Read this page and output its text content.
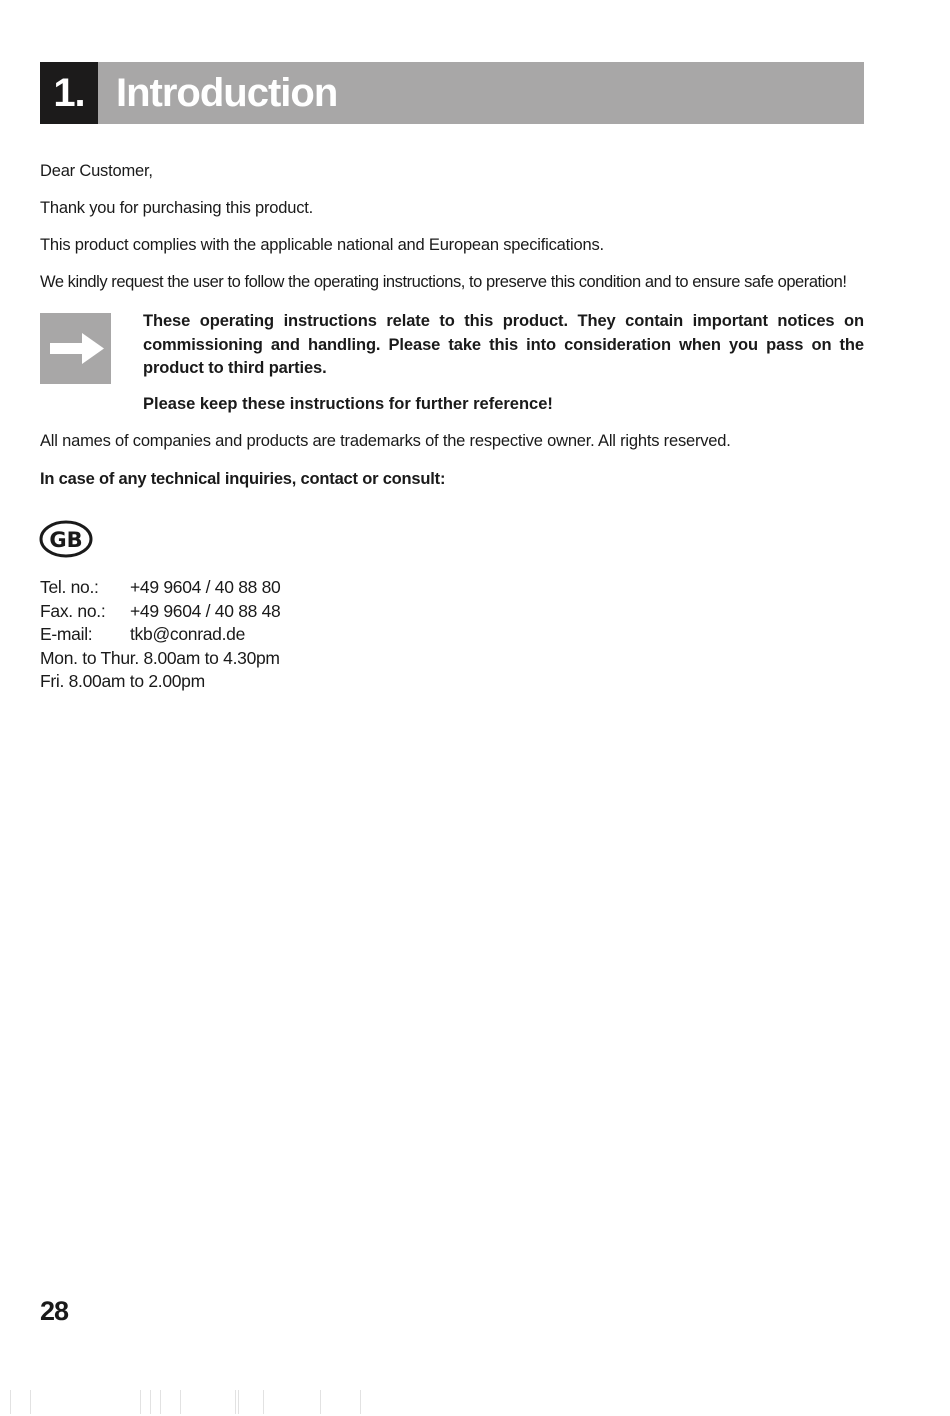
1. Introduction
Dear Customer,
Thank you for purchasing this product.
This product complies with the applicable national and European specifications.
We kindly request the user to follow the operating instructions, to preserve this condition and to ensure safe operation!
These operating instructions relate to this product. They contain important notices on commissioning and handling. Please take this into consideration when you pass on the product to third parties.
Please keep these instructions for further reference!
All names of companies and products are trademarks of the respective owner. All rights reserved.
In case of any technical inquiries, contact or consult:
GB
Tel. no.:	+49 9604 / 40 88 80
Fax. no.:	+49 9604 / 40 88 48
E-mail:	tkb@conrad.de
Mon. to Thur. 8.00am to 4.30pm
Fri. 8.00am to 2.00pm
28
